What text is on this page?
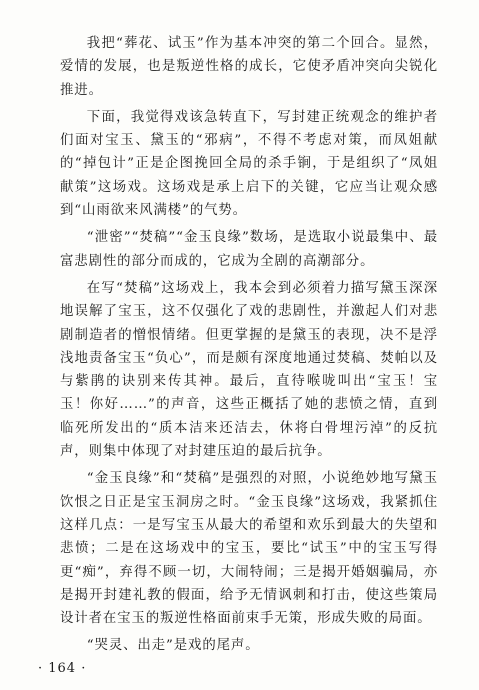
我把“葬花、试玉”作为基本冲突的第二个回合。显然，爱情的发展，也是叛逆性格的成长，它使矛盾冲突向尖锐化推进。

下面，我觉得戏该急转直下，写封建正统观念的维护者们面对宝玉、黛玉的“邪病”，不得不考虑对策，而凤姐献的“掉包计”正是企图挽回全局的杀手锏，于是组织了“凤姐献策”这场戏。这场戏是承上启下的关键，它应当让观众感到“山雨欲来风满楼”的气势。

“泄密”“焚稿”“金玉良缘”数场，是选取小说最集中、最富悲剧性的部分而成的，它成为全剧的高潮部分。

在写“焚稿”这场戏上，我本会到必须着力描写黛玉深深地误解了宝玉，这不仅强化了戏的悲剧性，并激起人们对悲剧制造者的憎恨情绪。但更掌握的是黛玉的表现，决不是浮浅地责备宝玉“负心”，而是颇有深度地通过焚稿、焚帕以及与紫鹃的诀别来传其神。最后，直待喉咙叫出“宝玉！宝玉！你好……”的声音，这些正概括了她的悲愤之情，直到临死所发出的“质本洁来还洁去，休将白骨埋污淖”的反抗声，则集中体现了对封建压迫的最后抗争。

“金玉良缘”和“焚稿”是强烈的对照，小说绝妙地写黛玉饮恨之日正是宝玉洞房之时。“金玉良缘”这场戏，我紧抓住这样几点：一是写宝玉从最大的希望和欢乐到最大的失望和悲愤；二是在这场戏中的宝玉，要比“试玉”中的宝玉写得更“痴”，弃得不顾一切，大闹特闹；三是揭开婚姻骗局，亦是揭开封建礼教的假面，给予无情讽刺和打击，使这些策局设计者在宝玉的叛逆性格面前束手无策，形成失败的局面。

“哭灵、出走”是戏的尾声。

· 164 ·
